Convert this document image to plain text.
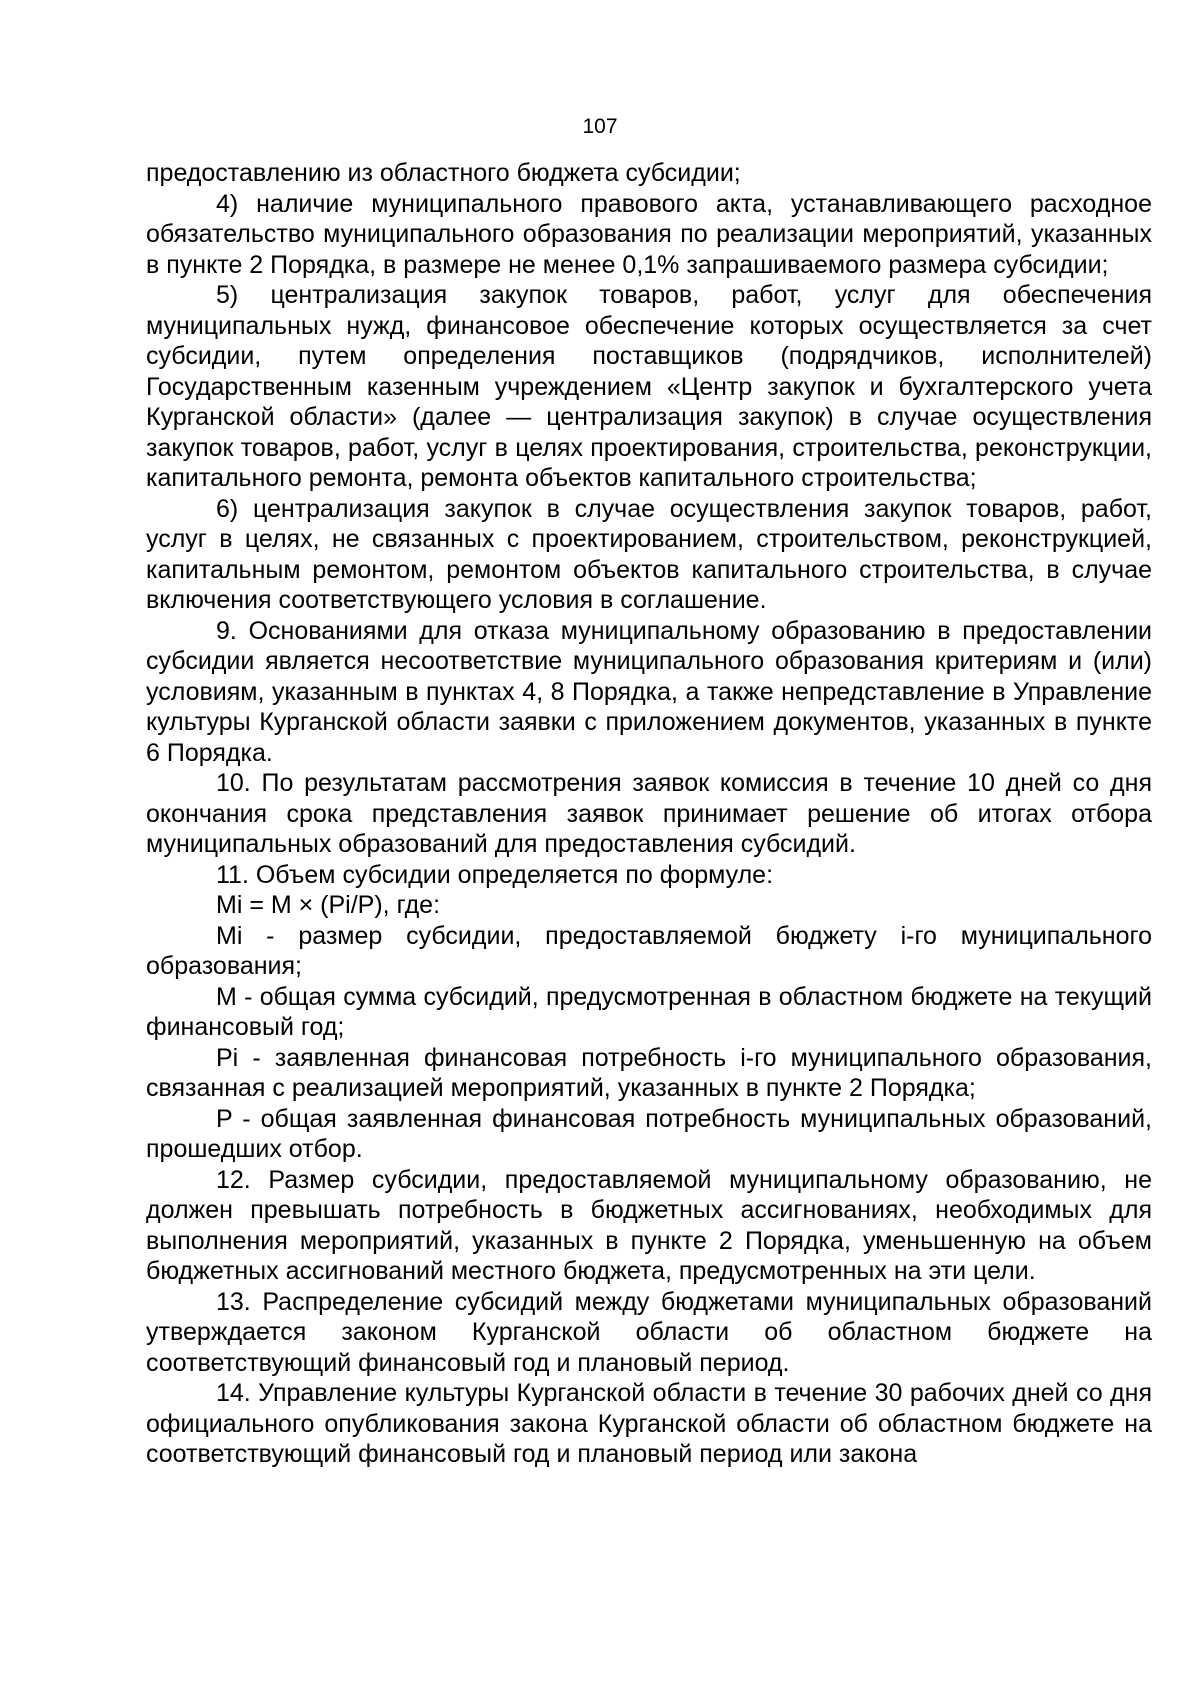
107

предоставлению из областного бюджета субсидии;

4) наличие муниципального правового акта, устанавливающего расходное обязательство муниципального образования по реализации мероприятий, указанных в пункте 2 Порядка, в размере не менее 0,1% запрашиваемого размера субсидии;

5) централизация закупок товаров, работ, услуг для обеспечения муниципальных нужд, финансовое обеспечение которых осуществляется за счет субсидии, путем определения поставщиков (подрядчиков, исполнителей) Государственным казенным учреждением «Центр закупок и бухгалтерского учета Курганской области» (далее — централизация закупок) в случае осуществления закупок товаров, работ, услуг в целях проектирования, строительства, реконструкции, капитального ремонта, ремонта объектов капитального строительства;

6) централизация закупок в случае осуществления закупок товаров, работ, услуг в целях, не связанных с проектированием, строительством, реконструкцией, капитальным ремонтом, ремонтом объектов капитального строительства, в случае включения соответствующего условия в соглашение.

9. Основаниями для отказа муниципальному образованию в предоставлении субсидии является несоответствие муниципального образования критериям и (или) условиям, указанным в пунктах 4, 8 Порядка, а также непредставление в Управление культуры Курганской области заявки с приложением документов, указанных в пункте 6 Порядка.

10. По результатам рассмотрения заявок комиссия в течение 10 дней со дня окончания срока представления заявок принимает решение об итогах отбора муниципальных образований для предоставления субсидий.

11. Объем субсидии определяется по формуле:

Mi = M × (Pi/P), где:

Mi - размер субсидии, предоставляемой бюджету i-го муниципального образования;

M - общая сумма субсидий, предусмотренная в областном бюджете на текущий финансовый год;

Pi - заявленная финансовая потребность i-го муниципального образования, связанная с реализацией мероприятий, указанных в пункте 2 Порядка;

P - общая заявленная финансовая потребность муниципальных образований, прошедших отбор.

12. Размер субсидии, предоставляемой муниципальному образованию, не должен превышать потребность в бюджетных ассигнованиях, необходимых для выполнения мероприятий, указанных в пункте 2 Порядка, уменьшенную на объем бюджетных ассигнований местного бюджета, предусмотренных на эти цели.

13. Распределение субсидий между бюджетами муниципальных образований утверждается законом Курганской области об областном бюджете на соответствующий финансовый год и плановый период.

14. Управление культуры Курганской области в течение 30 рабочих дней со дня официального опубликования закона Курганской области об областном бюджете на соответствующий финансовый год и плановый период или закона
